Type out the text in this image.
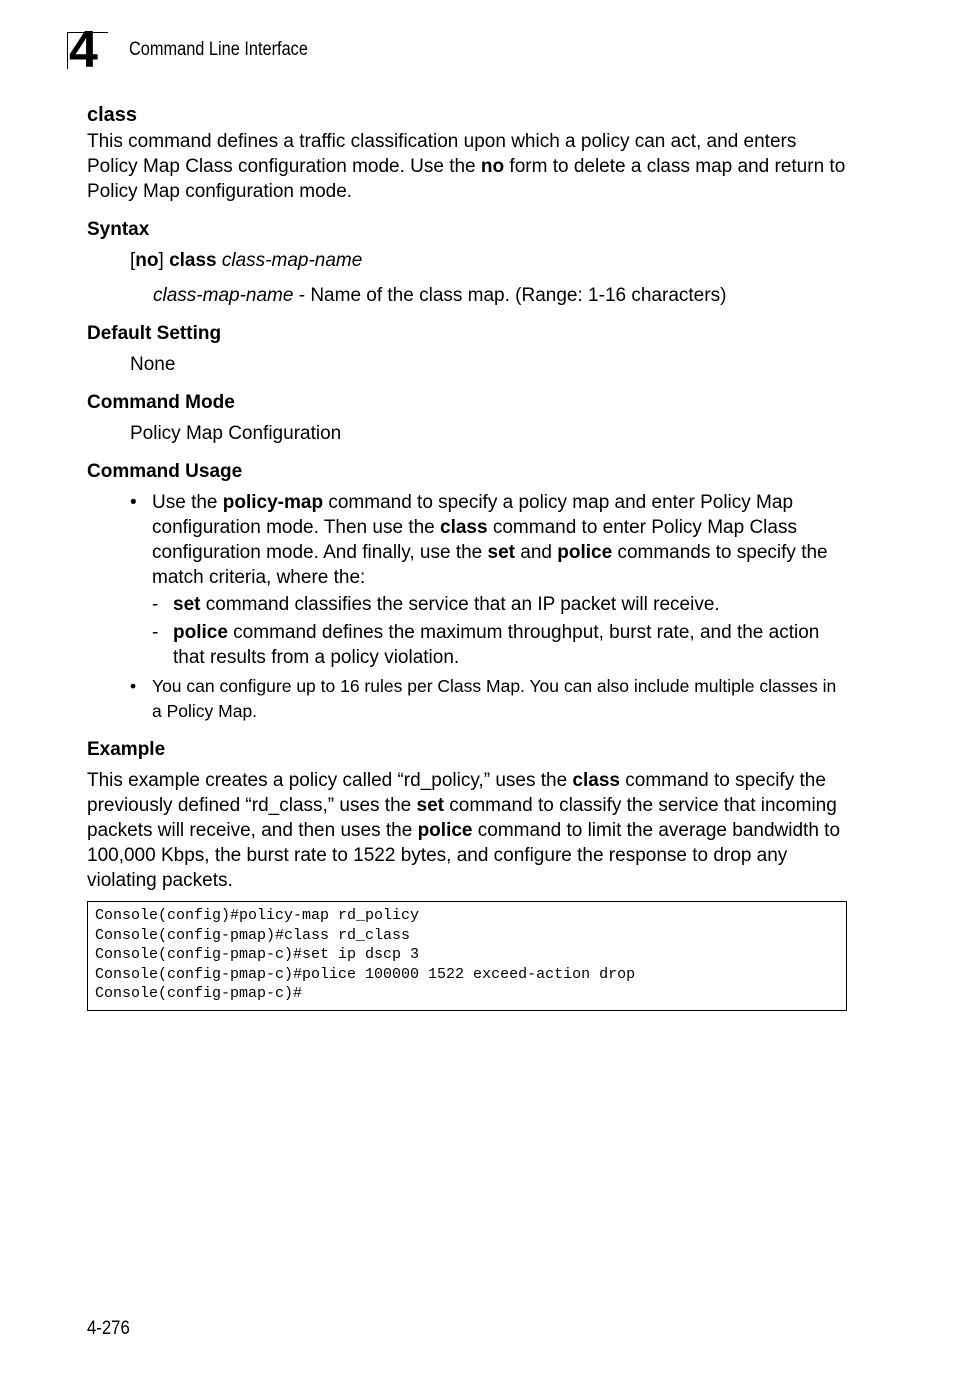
4 Command Line Interface
class

This command defines a traffic classification upon which a policy can act, and enters Policy Map Class configuration mode. Use the no form to delete a class map and return to Policy Map configuration mode.

Syntax

[no] class class-map-name

class-map-name - Name of the class map. (Range: 1-16 characters)

Default Setting

None

Command Mode

Policy Map Configuration

Command Usage
• Use the policy-map command to specify a policy map and enter Policy Map configuration mode. Then use the class command to enter Policy Map Class configuration mode. And finally, use the set and police commands to specify the match criteria, where the:
- set command classifies the service that an IP packet will receive.
- police command defines the maximum throughput, burst rate, and the action that results from a policy violation.
• You can configure up to 16 rules per Class Map. You can also include multiple classes in a Policy Map.
Example

This example creates a policy called “rd_policy,” uses the class command to specify the previously defined “rd_class,” uses the set command to classify the service that incoming packets will receive, and then uses the police command to limit the average bandwidth to 100,000 Kbps, the burst rate to 1522 bytes, and configure the response to drop any violating packets.

Console(config)#policy-map rd_policy
Console(config-pmap)#class rd_class
Console(config-pmap-c)#set ip dscp 3
Console(config-pmap-c)#police 100000 1522 exceed-action drop
Console(config-pmap-c)#
4-276
